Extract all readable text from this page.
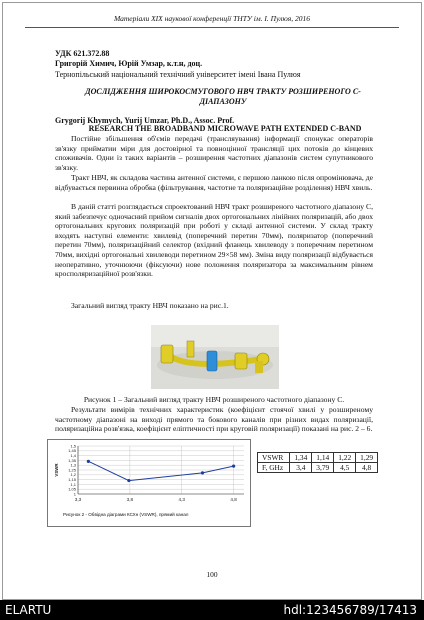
Матеріали ХІХ наукової конференції ТНТУ ім. І. Пулюя, 2016
УДК 621.372.88
Григорій Химич, Юрій Умзар, к.т.н, доц.
Тернопільський національний технічний університет імені Івана Пулюя
ДОСЛІДЖЕННЯ ШИРОКОСМУГОВОГО НВЧ ТРАКТУ РОЗШИРЕНОГО С-ДІАПАЗОНУ
Grygorij Khymych, Yurij Umzar, Ph.D., Assoc. Prof.
RESEARCH THE BROADBAND MICROWAVE PATH EXTENDED C-BAND
Постійне збільшення об'ємів передачі (трансляування) інформації спонукає операторів зв'язку прийматии міри для достовірної та повноцінної трансляції цих потоків до кінцевих споживачів. Одни із таких варіантів – розширення частотних діапазонів систем супутникового зв'язку.
Тракт НВЧ, як складова частина антенної системи, є першою ланкою після опромінювача, де відбувається первинна обробка (фільтрування, частотне та поляризаційне розділення) НВЧ хвиль.
В даній статті розглядається спроектований НВЧ тракт розширеного частотного діапазону С, який забезпечує одночасний прийом сигналів двох ортогональних лінійних поляризацій, або двох ортогональних кругових поляризацій при роботі у складі антенної системи. У склад тракту входять наступні елементи: хвилевід (поперечний перетин 70мм), поляризатор (поперечний перетин 70мм), поляризаційний селектор (вхідний фланець хвилеводу з поперечним перетином 70мм, вихідні ортогональні хвилеводи перетином 29×58 мм). Зміна виду поляризації відбувається неоперативно, уточнюючи (фіксуючи) нове положення поляризатора за максимальним рівнем кросполяризаційної розв'язки.
Загальний вигляд тракту НВЧ показано на рис.1.
Рисунок 1 – Загальний вигляд тракту НВЧ розширеного частотного діапазону С.
Результати вимірів технічних характеристик (коефіцієнт стоячої хвилі у розширеному частотному діапазоні на виході прямого та бокового каналів при різних видах поляризації, поляризаційна розв'язка, коефіцієнт еліптичності при круговій поляризації) показані на рис. 2 – 6.
1
1,05
1,1
1,15
1,2
1,25
1,3
1,35
1,4
1,45
1,5
3,3	3,8	4,3	4,8
VSWR
Рисунок 2 - Обвідна діаграми КСХн (VSWR), прямий канал
VSWR	1,34	1,14	1,22	1,29
F, GHz	3,4	3,79	4,5	4,8
100
ELARTU	hdl:123456789/17413
